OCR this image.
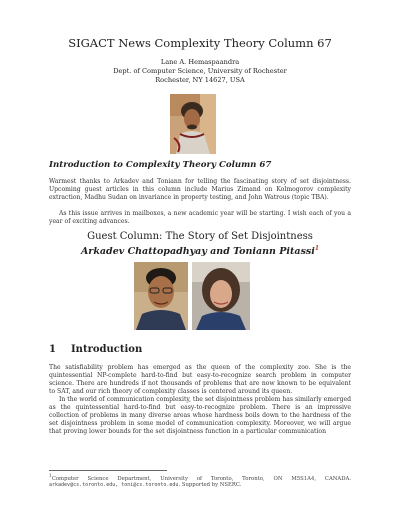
SIGACT News Complexity Theory Column 67
Lane A. Hemaspaandra
Dept. of Computer Science, University of Rochester
Rochester, NY 14627, USA
Introduction to Complexity Theory Column 67

Warmest thanks to Arkadev and Toniann for telling the fascinating story of set disjointness. Upcoming guest articles in this column include Marius Zimand on Kolmogorov complexity extraction, Madhu Sudan on invariance in property testing, and John Watrous (topic TBA).

As this issue arrives in mailboxes, a new academic year will be starting. I wish each of you a year of exciting advances.

Guest Column: The Story of Set Disjointness
Arkadev Chattopadhyay and Toniann Pitassi$^1$
1 Introduction

The satisfiability problem has emerged as the queen of the complexity zoo. She is the quintessential NP-complete hard-to-find but easy-to-recognize search problem in computer science. There are hundreds if not thousands of problems that are now known to be equivalent to SAT, and our rich theory of complexity classes is centered around its queen.

In the world of communication complexity, the set disjointness problem has similarly emerged as the quintessential hard-to-find but easy-to-recognize problem. There is an impressive collection of problems in many diverse areas whose hardness boils down to the hardness of the set disjointness problem in some model of communication complexity. Moreover, we will argue that proving lower bounds for the set disjointness function in a particular communication

$^1$Computer Science Department, University of Toronto, Toronto, ON M5S1A4, CANADA. arkadev@cs.toronto.edu, toni@cs.toronto.edu. Supported by NSERC.
